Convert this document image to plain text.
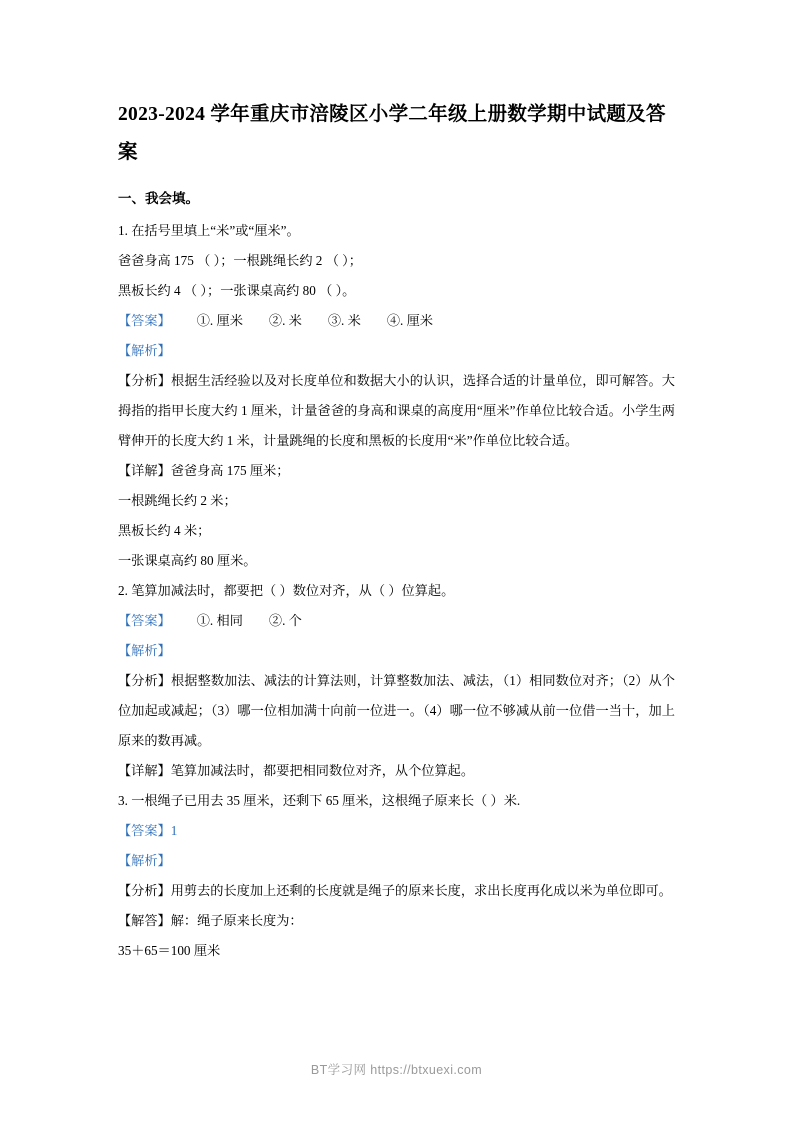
2023-2024 学年重庆市涪陵区小学二年级上册数学期中试题及答案

一、我会填。

1. 在括号里填上“米”或“厘米”。

爸爸身高 175 （ ）；一根跳绳长约 2 （ ）；

黑板长约 4 （ ）；一张课桌高约 80 （ ）。

【答案】 ①. 厘米 ②. 米 ③. 米 ④. 厘米

【解析】

【分析】根据生活经验以及对长度单位和数据大小的认识，选择合适的计量单位，即可解答。大拇指的指甲长度大约 1 厘米，计量爸爸的身高和课桌的高度用“厘米”作单位比较合适。小学生两臂伸开的长度大约 1 米，计量跳绳的长度和黑板的长度用“米”作单位比较合适。

【详解】爸爸身高 175 厘米；

一根跳绳长约 2 米；

黑板长约 4 米；

一张课桌高约 80 厘米。

2. 笔算加减法时，都要把（ ）数位对齐，从（ ）位算起。

【答案】 ①. 相同 ②. 个

【解析】

【分析】根据整数加法、减法的计算法则，计算整数加法、减法，（1）相同数位对齐；（2）从个位加起或减起；（3）哪一位相加满十向前一位进一。（4）哪一位不够减从前一位借一当十，加上原来的数再减。

【详解】笔算加减法时，都要把相同数位对齐，从个位算起。

3. 一根绳子已用去 35 厘米，还剩下 65 厘米，这根绳子原来长（ ）米.

【答案】1

【解析】

【分析】用剪去的长度加上还剩的长度就是绳子的原来长度，求出长度再化成以米为单位即可。

【解答】解：绳子原来长度为：

35＋65＝100 厘米

BT学习网 https://btxuexi.com
